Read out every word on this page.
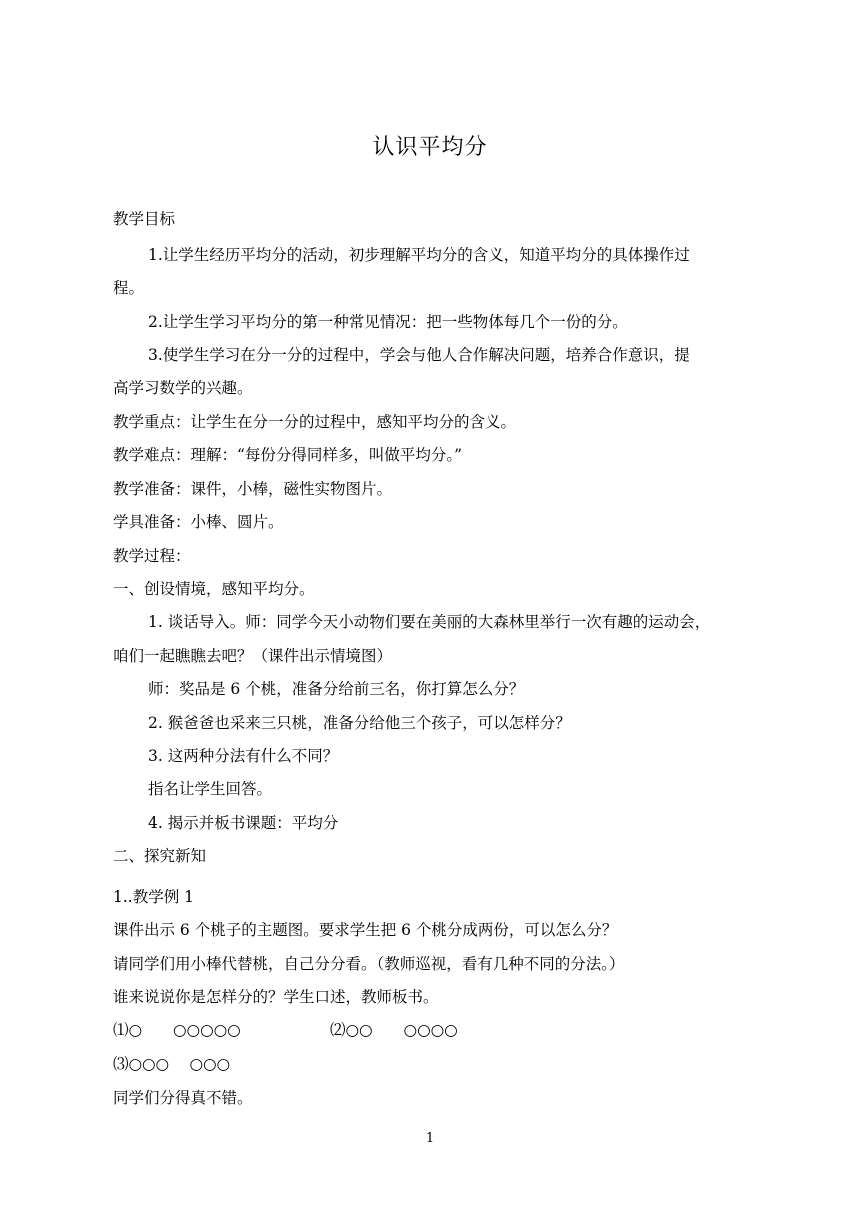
认识平均分
教学目标
1.让学生经历平均分的活动，初步理解平均分的含义，知道平均分的具体操作过
程。
2.让学生学习平均分的第一种常见情况：把一些物体每几个一份的分。
3.使学生学习在分一分的过程中，学会与他人合作解决问题，培养合作意识，提
高学习数学的兴趣。
教学重点：让学生在分一分的过程中，感知平均分的含义。
教学难点：理解：“每份分得同样多，叫做平均分。”
教学准备：课件，小棒，磁性实物图片。
学具准备：小棒、圆片。
教学过程：
一、创设情境，感知平均分。
1. 谈话导入。师：同学今天小动物们要在美丽的大森林里举行一次有趣的运动会，
咱们一起瞧瞧去吧？（课件出示情境图）
师：奖品是 6 个桃，准备分给前三名，你打算怎么分？
2. 猴爸爸也采来三只桃，准备分给他三个孩子，可以怎样分？
3. 这两种分法有什么不同？
指名让学生回答。
4. 揭示并板书课题：平均分
二、探究新知
1..教学例 1
课件出示 6 个桃子的主题图。要求学生把 6 个桃分成两份，可以怎么分？
请同学们用小棒代替桃，自己分分看。（教师巡视，看有几种不同的分法。）
谁来说说你是怎样分的？学生口述，教师板书。
⑴○　　○○○○○	⑵○○　　○○○○
⑶○○○　 ○○○
同学们分得真不错。
1
